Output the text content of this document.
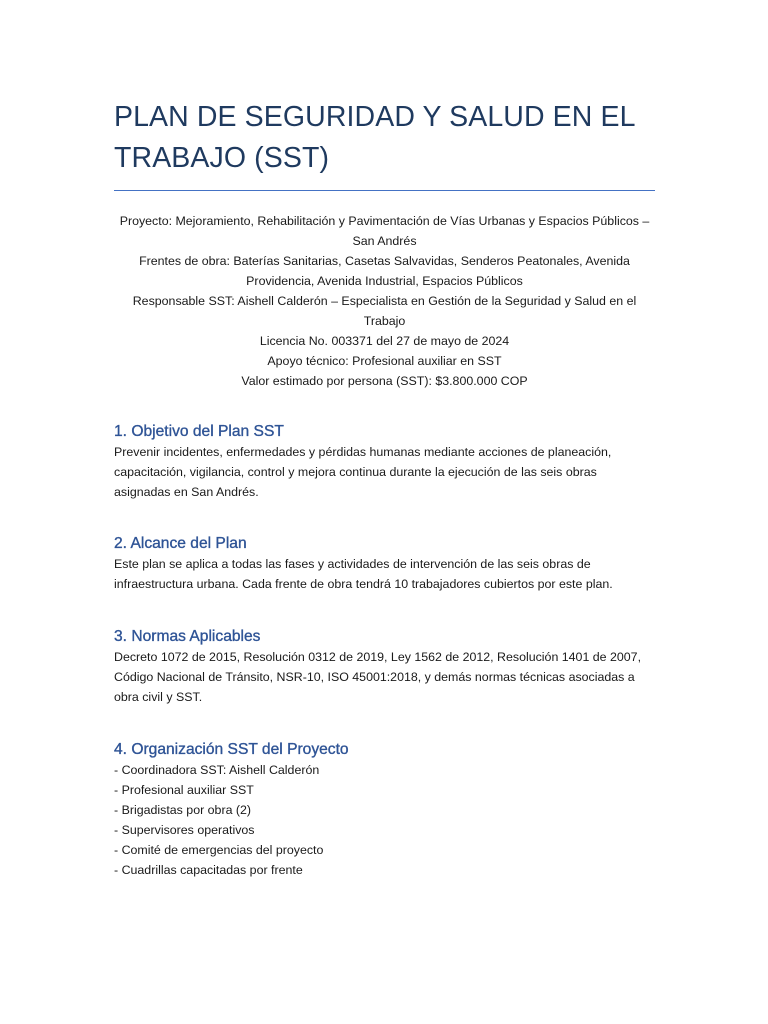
PLAN DE SEGURIDAD Y SALUD EN EL TRABAJO (SST)

Proyecto: Mejoramiento, Rehabilitación y Pavimentación de Vías Urbanas y Espacios Públicos – San Andrés

Frentes de obra: Baterías Sanitarias, Casetas Salvavidas, Senderos Peatonales, Avenida Providencia, Avenida Industrial, Espacios Públicos

Responsable SST: Aishell Calderón – Especialista en Gestión de la Seguridad y Salud en el Trabajo

Licencia No. 003371 del 27 de mayo de 2024

Apoyo técnico: Profesional auxiliar en SST

Valor estimado por persona (SST): $3.800.000 COP

1. Objetivo del Plan SST

Prevenir incidentes, enfermedades y pérdidas humanas mediante acciones de planeación, capacitación, vigilancia, control y mejora continua durante la ejecución de las seis obras asignadas en San Andrés.

2. Alcance del Plan

Este plan se aplica a todas las fases y actividades de intervención de las seis obras de infraestructura urbana. Cada frente de obra tendrá 10 trabajadores cubiertos por este plan.

3. Normas Aplicables

Decreto 1072 de 2015, Resolución 0312 de 2019, Ley 1562 de 2012, Resolución 1401 de 2007, Código Nacional de Tránsito, NSR-10, ISO 45001:2018, y demás normas técnicas asociadas a obra civil y SST.

4. Organización SST del Proyecto
- Coordinadora SST: Aishell Calderón
- Profesional auxiliar SST
- Brigadistas por obra (2)
- Supervisores operativos
- Comité de emergencias del proyecto
- Cuadrillas capacitadas por frente
